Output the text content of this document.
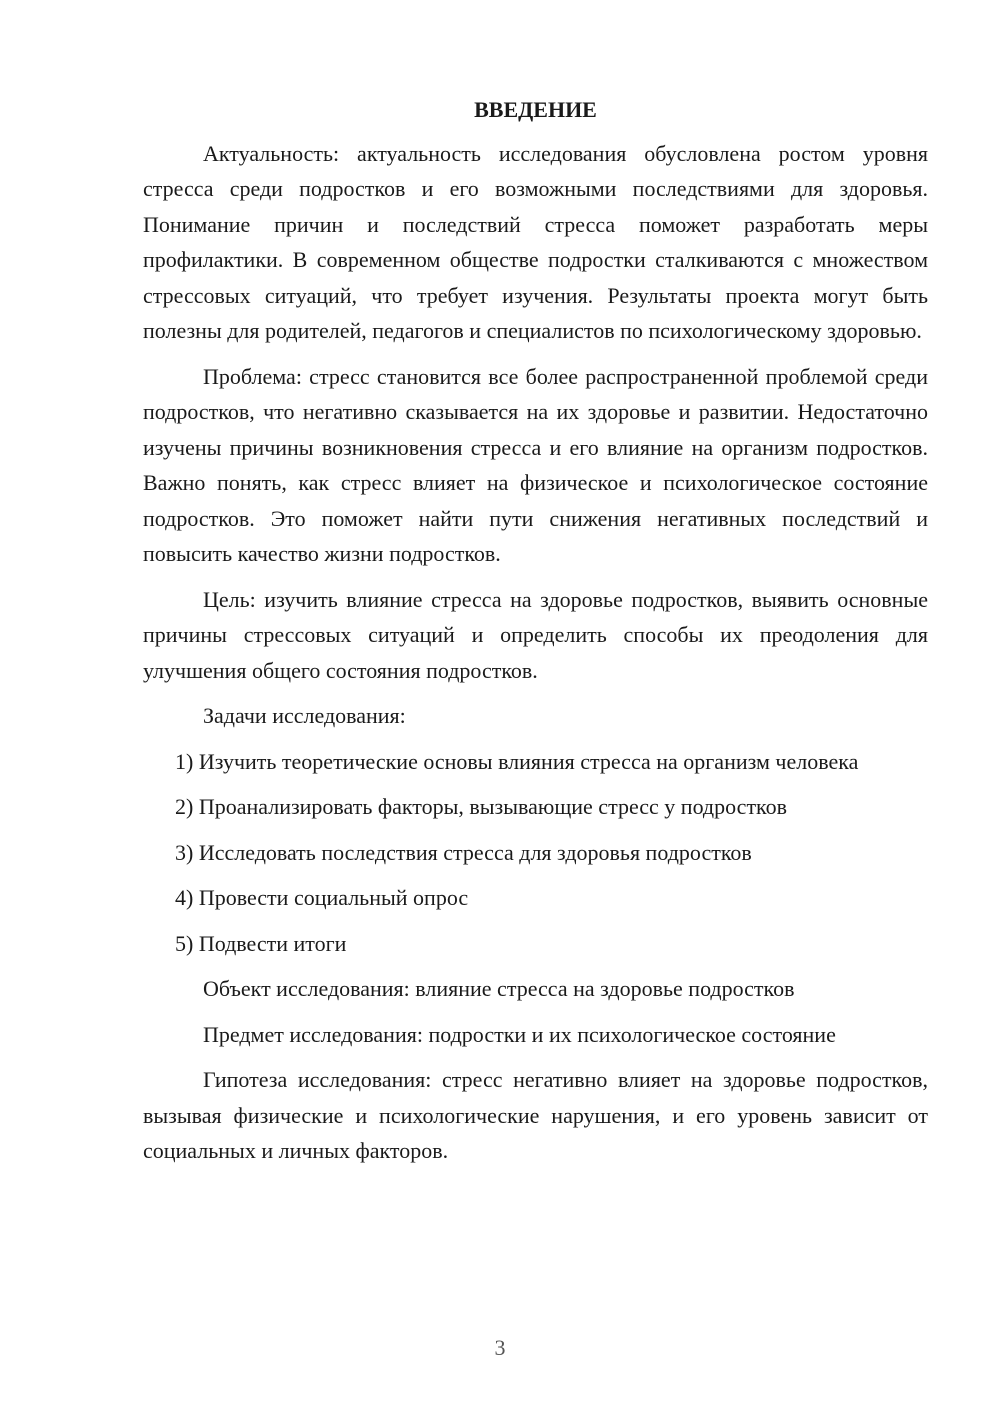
ВВЕДЕНИЕ

Актуальность: актуальность исследования обусловлена ростом уровня стресса среди подростков и его возможными последствиями для здоровья. Понимание причин и последствий стресса поможет разработать меры профилактики. В современном обществе подростки сталкиваются с множеством стрессовых ситуаций, что требует изучения. Результаты проекта могут быть полезны для родителей, педагогов и специалистов по психологическому здоровью.

Проблема: стресс становится все более распространенной проблемой среди подростков, что негативно сказывается на их здоровье и развитии. Недостаточно изучены причины возникновения стресса и его влияние на организм подростков. Важно понять, как стресс влияет на физическое и психологическое состояние подростков. Это поможет найти пути снижения негативных последствий и повысить качество жизни подростков.

Цель: изучить влияние стресса на здоровье подростков, выявить основные причины стрессовых ситуаций и определить способы их преодоления для улучшения общего состояния подростков.

Задачи исследования:

1) Изучить теоретические основы влияния стресса на организм человека

2) Проанализировать факторы, вызывающие стресс у подростков
3) Исследовать последствия стресса для здоровья подростков
4) Провести социальный опрос
5) Подвести итоги
Объект исследования: влияние стресса на здоровье подростков
Предмет исследования: подростки и их психологическое состояние

Гипотеза исследования: стресс негативно влияет на здоровье подростков, вызывая физические и психологические нарушения, и его уровень зависит от социальных и личных факторов.

3
